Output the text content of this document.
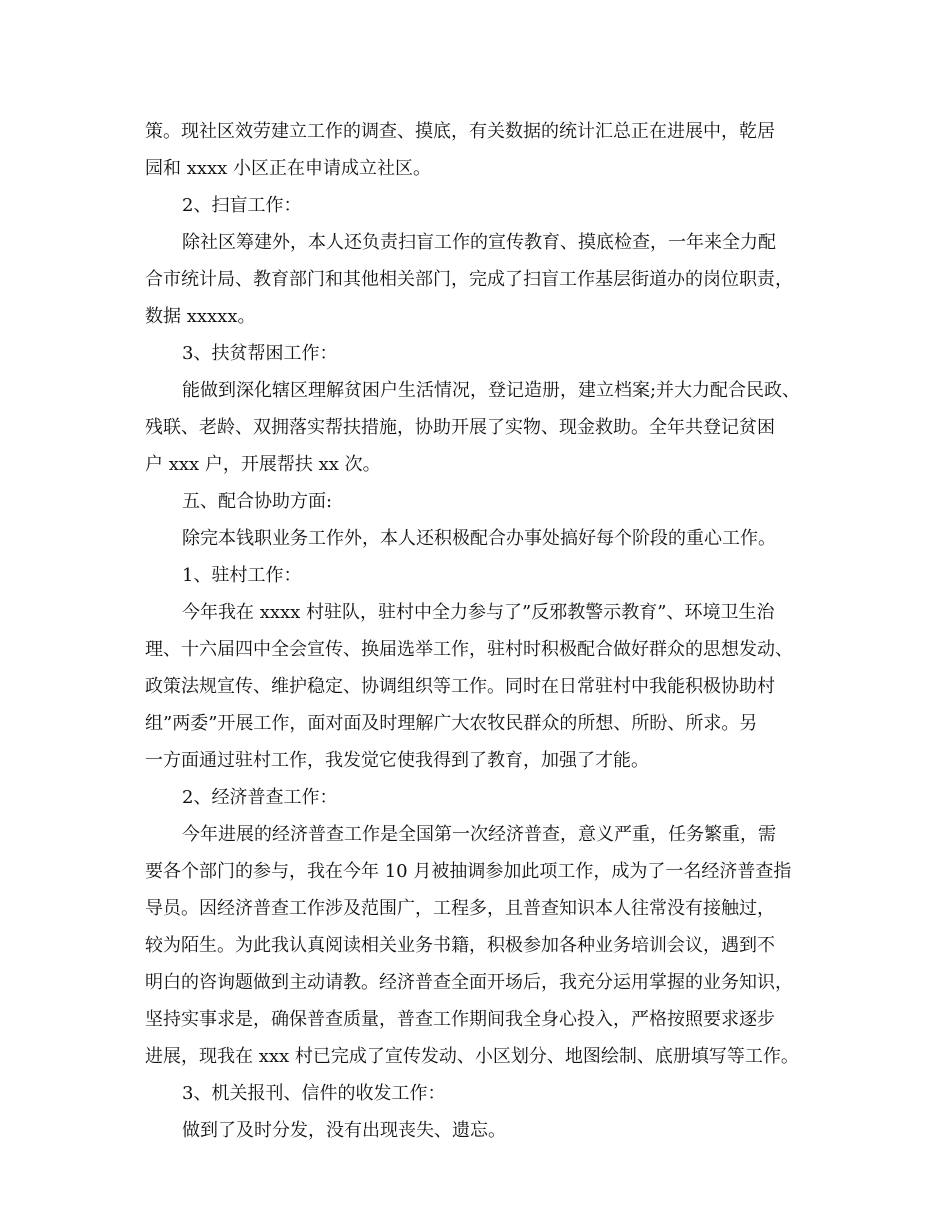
策。现社区效劳建立工作的调查、摸底，有关数据的统计汇总正在进展中，乾居
园和 xxxx 小区正在申请成立社区。
2、扫盲工作：
除社区筹建外，本人还负责扫盲工作的宣传教育、摸底检查，一年来全力配
合市统计局、教育部门和其他相关部门，完成了扫盲工作基层街道办的岗位职责，
数据 xxxxx。
3、扶贫帮困工作：
能做到深化辖区理解贫困户生活情况，登记造册，建立档案;并大力配合民政、
残联、老龄、双拥落实帮扶措施，协助开展了实物、现金救助。全年共登记贫困
户 xxx 户，开展帮扶 xx 次。
五、配合协助方面:
除完本钱职业务工作外，本人还积极配合办事处搞好每个阶段的重心工作。
1、驻村工作：
今年我在 xxxx 村驻队，驻村中全力参与了”反邪教警示教育”、环境卫生治
理、十六届四中全会宣传、换届选举工作，驻村时积极配合做好群众的思想发动、
政策法规宣传、维护稳定、协调组织等工作。同时在日常驻村中我能积极协助村
组”两委”开展工作，面对面及时理解广大农牧民群众的所想、所盼、所求。另
一方面通过驻村工作，我发觉它使我得到了教育，加强了才能。
2、经济普查工作：
今年进展的经济普查工作是全国第一次经济普查，意义严重，任务繁重，需
要各个部门的参与，我在今年 10 月被抽调参加此项工作，成为了一名经济普查指
导员。因经济普查工作涉及范围广，工程多，且普查知识本人往常没有接触过，
较为陌生。为此我认真阅读相关业务书籍，积极参加各种业务培训会议，遇到不
明白的咨询题做到主动请教。经济普查全面开场后，我充分运用掌握的业务知识，
坚持实事求是，确保普查质量，普查工作期间我全身心投入，严格按照要求逐步
进展，现我在 xxx 村已完成了宣传发动、小区划分、地图绘制、底册填写等工作。
3、机关报刊、信件的收发工作：
做到了及时分发，没有出现丧失、遗忘。
